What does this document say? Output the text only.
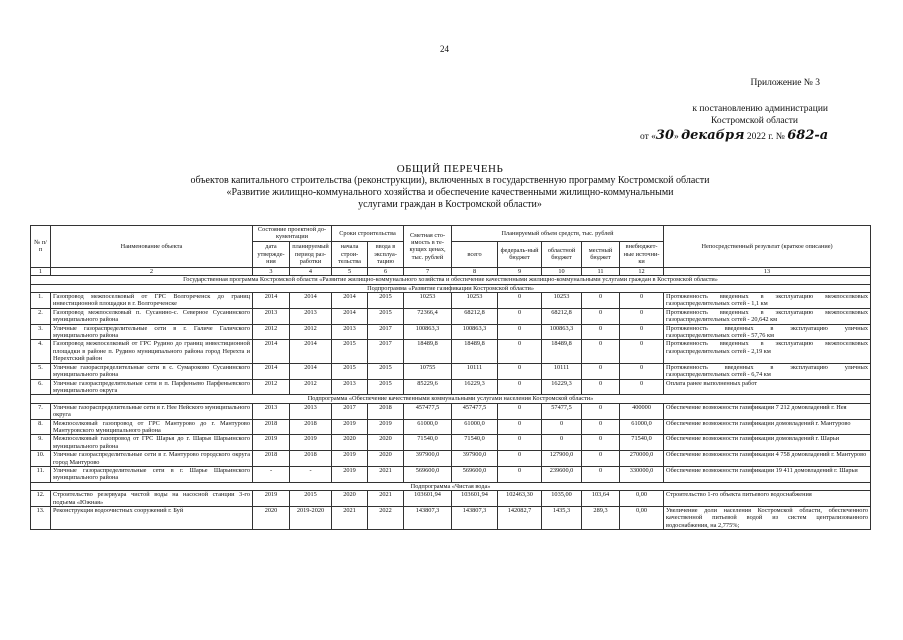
24
Приложение № 3
к постановлению администрации
Костромской области
от «30» декабря 2022 г. № 682-а
ОБЩИЙ ПЕРЕЧЕНЬ
объектов капитального строительства (реконструкции), включенных в государственную программу Костромской области
«Развитие жилищно-коммунального хозяйства и обеспечение качественными жилищно-коммунальными
услугами граждан в Костромской области»
№ п/п	Наименование объекта	Состояние проектной до-кументации		Сроки строительства		Сметная сто-имость в те-кущих ценах, тыс. рублей	Планируемый объем средств, тыс. рублей					Непосредственный результат (краткое описание)
		дата утвержде-ния	планируемый период раз-работки	начала строи-тельства	ввода в эксплуа-тацию		всего	федераль-ный бюджет	областной бюджет	местный бюджет	внебюджет-ные источни-ки	
1	2	3	4	5	6	7	8	9	10	11	12	13
Государственная программа Костромской области «Развитие жилищно-коммунального хозяйства и обеспечение качественными жилищно-коммунальными услугами граждан в Костромской области»												
Подпрограмма «Развитие газификации Костромской области»												
1.	Газопровод межпоселковый от ГРС Волгореченск до границ инвестиционной площадки в г. Волгореченске	2014	2014	2014	2015	10253	10253	0	10253	0	0	Протяженность введенных в эксплуатацию межпоселковых газораспределительных сетей - 1,1 км
2.	Газопровод межпоселковый п. Сусанино-с. Северное Сусанинского муниципального района	2013	2013	2014	2015	72366,4	68212,8	0	68212,8	0	0	Протяженность введенных в эксплуатацию межпоселковых газораспределительных сетей - 20,642 км
3.	Уличные газораспределительные сети в г. Галиче Галичского муниципального района	2012	2012	2013	2017	100863,3	100863,3	0	100863,3	0	0	Протяженность введенных в эксплуатацию уличных газораспределительных сетей - 57,76 км
4.	Газопровод межпоселковый от ГРС Рудино до границ инвестиционной площадки в районе п. Рудино муниципального района город Нерехта и Нерехтский район	2014	2014	2015	2017	18489,8	18489,8	0	18489,8	0	0	Протяженность введенных в эксплуатацию межпоселковых газораспределительных сетей - 2,19 км
5.	Уличные газораспределительные сети в с. Сумароково Сусанинского муниципального района	2014	2014	2015	2015	10755	10111	0	10111	0	0	Протяженность введенных в эксплуатацию уличных газораспределительных сетей - 6,74 км
6.	Уличные газораспределительные сети в п. Парфеньево Парфеньевского муниципального округа	2012	2012	2013	2015	85229,6	16229,3	0	16229,3	0	0	Оплата ранее выполненных работ
Подпрограмма «Обеспечение качественными коммунальными услугами населения Костромской области»												
7.	Уличные газораспределительные сети в г. Нее Нейского муниципального округа	2013	2013	2017	2018	457477,5	457477,5	0	57477,5	0	400000	Обеспечение возможности газификации 7 212 домовладений г. Нея
8.	Межпоселковый газопровод от ГРС Мантурово до г. Мантурово Мантуровского муниципального района	2018	2018	2019	2019	61000,0	61000,0	0	0	0	61000,0	Обеспечение возможности газификации домовладений г. Мантурово
9.	Межпоселковый газопровод от ГРС Шарья до г. Шарья Шарьинского муниципального района	2019	2019	2020	2020	71540,0	71540,0	0	0	0	71540,0	Обеспечение возможности газификации домовладений г. Шарьи
10.	Уличные газораспределительные сети в г. Мантурово городского округа город Мантурово	2018	2018	2019	2020	397900,0	397900,0	0	127900,0	0	270000,0	Обеспечение возможности газификации 4 758 домовладений г. Мантурово
11.	Уличные газораспределительные сети в г. Шарье Шарьинского муниципального района	-	-	2019	2021	569600,0	569600,0	0	239600,0	0	330000,0	Обеспечение возможности газификации 19 411 домовладений г. Шарьи
Подпрограмма «Чистая вода»												
12.	Строительство резервуара чистой воды на насосной станции 3-го подъема «Южная»	2019	2015	2020	2021	103601,94	103601,94	102463,30	1035,00	103,64	0,00	Строительство 1-го объекта питьевого водоснабжения
13.	Реконструкция водоочистных сооружений г. Буй	2020	2019-2020	2021	2022	143807,3	143807,3	142082,7	1435,3	289,3	0,00	Увеличение доли населения Костромской области, обеспеченного качественной питьевой водой из систем централизованного водоснабжения, на 2,775%;
